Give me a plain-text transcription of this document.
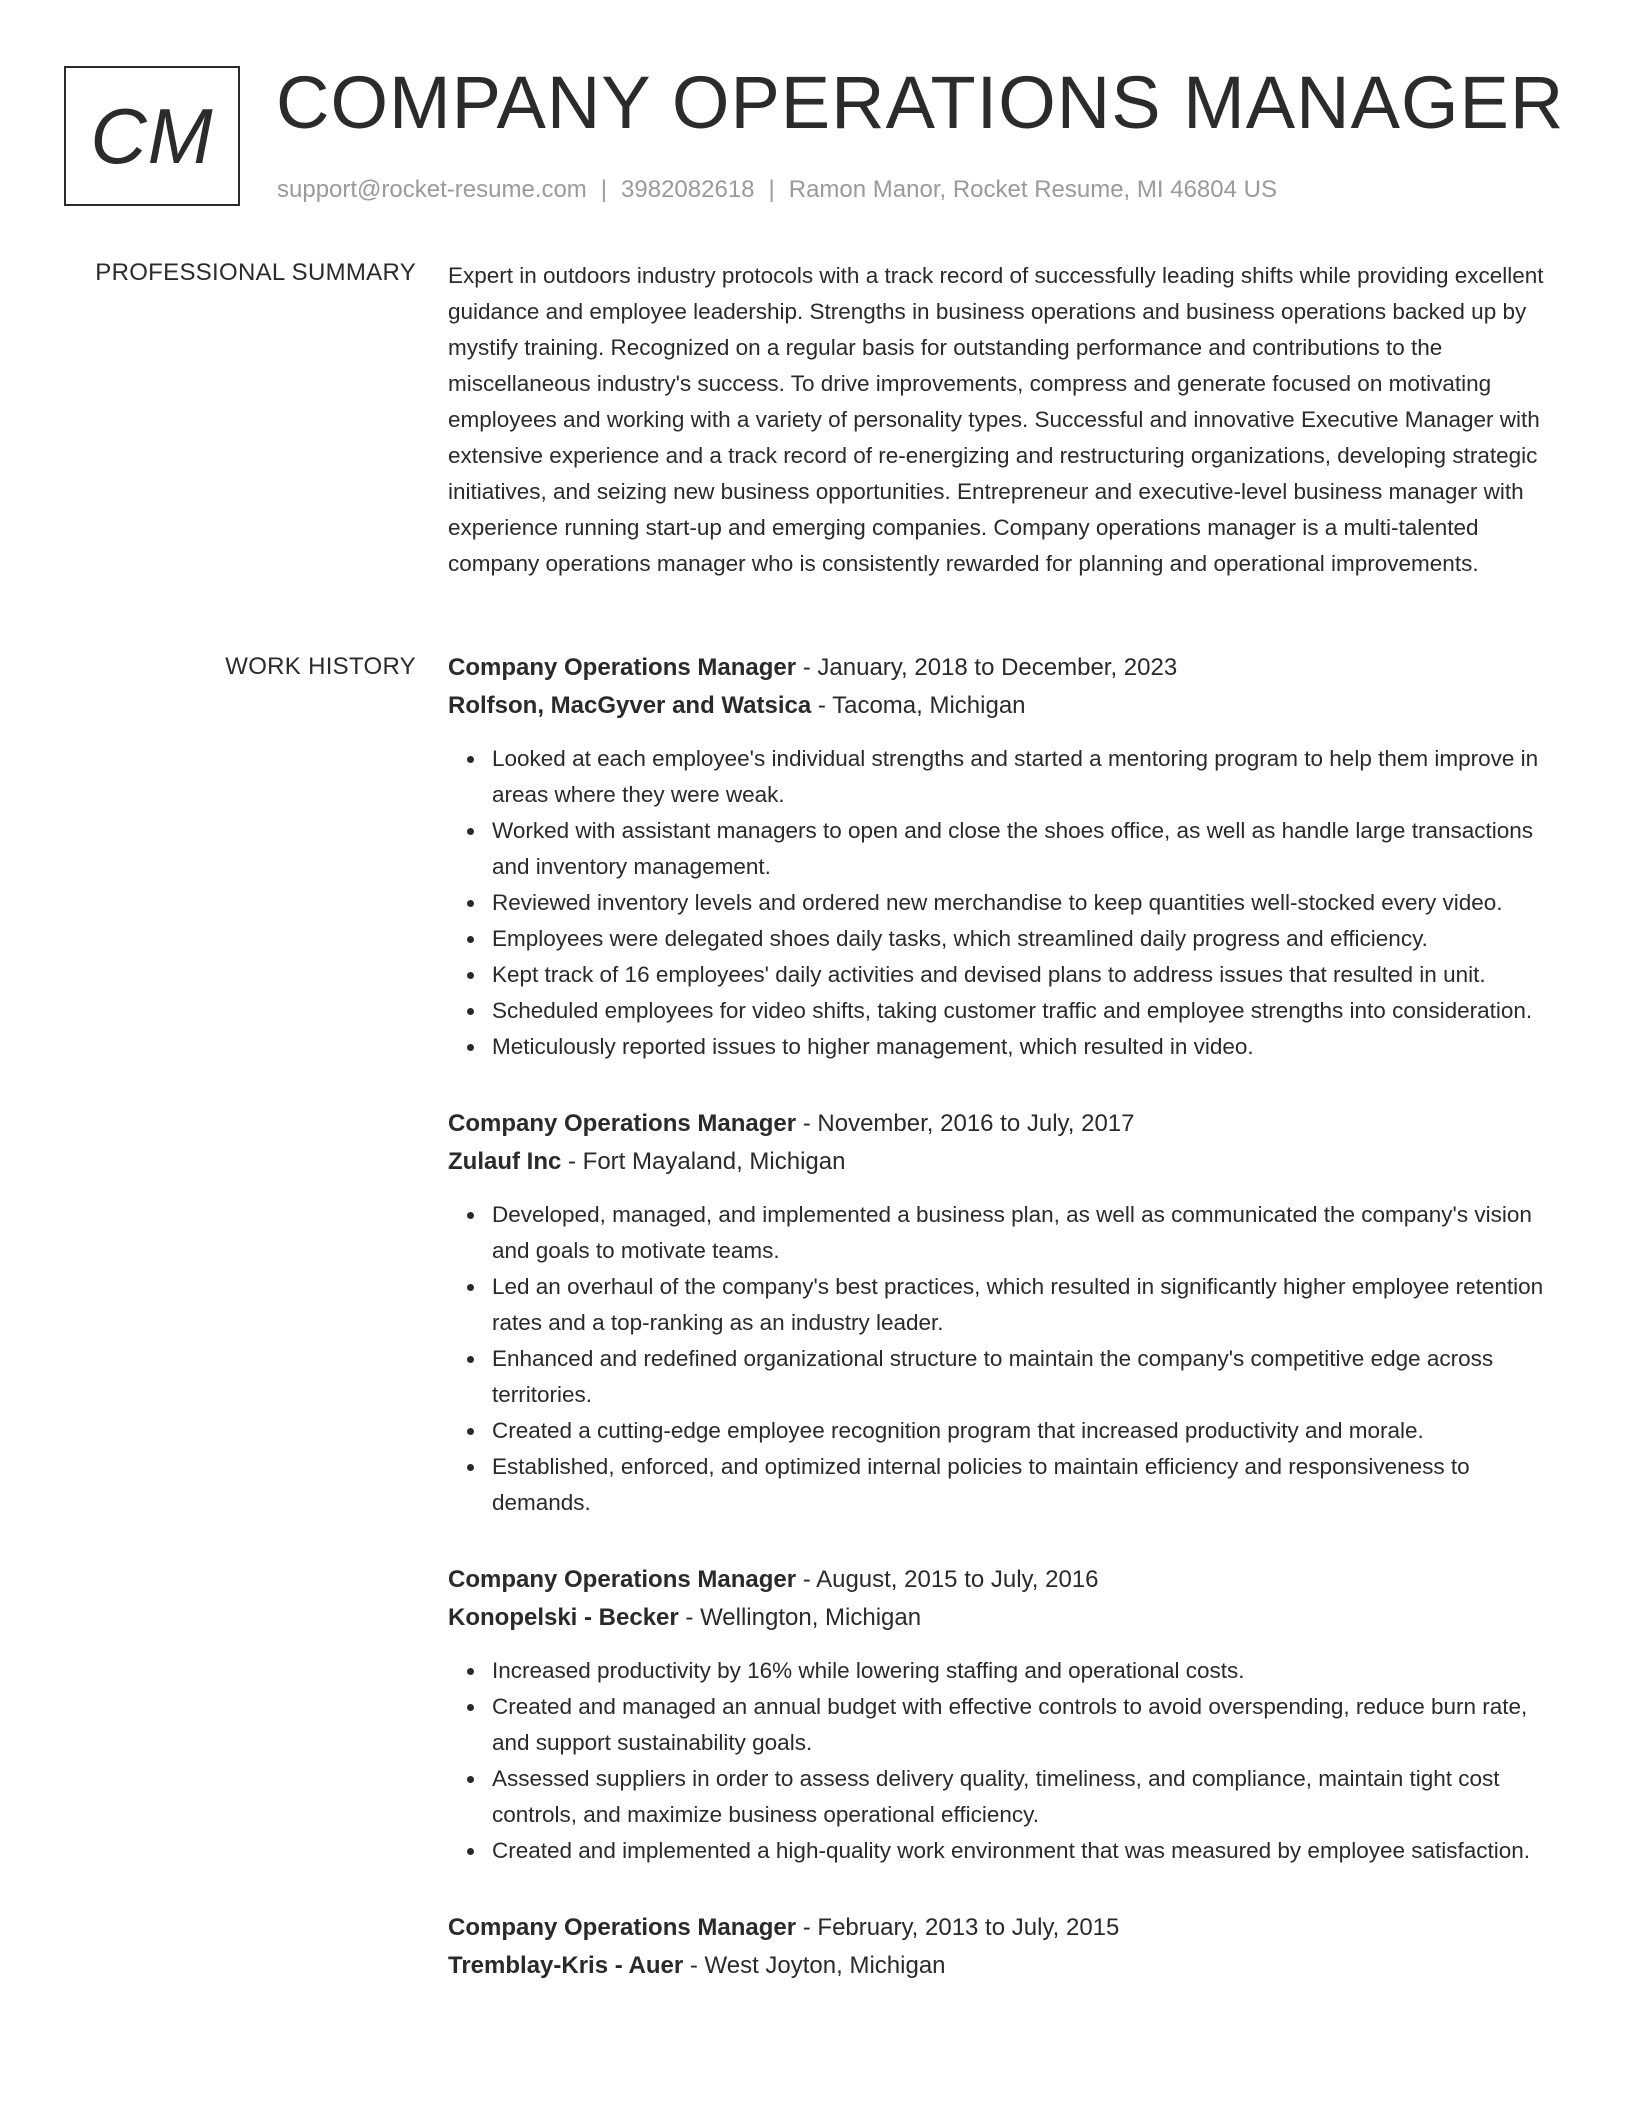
CM COMPANY OPERATIONS MANAGER
support@rocket-resume.com | 3982082618 | Ramon Manor, Rocket Resume, MI 46804 US
PROFESSIONAL SUMMARY Expert in outdoors industry protocols with a track record of successfully leading shifts while providing excellent guidance and employee leadership. Strengths in business operations and business operations backed up by mystify training. Recognized on a regular basis for outstanding performance and contributions to the miscellaneous industry's success. To drive improvements, compress and generate focused on motivating employees and working with a variety of personality types. Successful and innovative Executive Manager with extensive experience and a track record of re-energizing and restructuring organizations, developing strategic initiatives, and seizing new business opportunities. Entrepreneur and executive-level business manager with experience running start-up and emerging companies. Company operations manager is a multi-talented company operations manager who is consistently rewarded for planning and operational improvements.

WORK HISTORY Company Operations Manager - January, 2018 to December, 2023

Rolfson, MacGyver and Watsica - Tacoma, Michigan

Looked at each employee's individual strengths and started a mentoring program to help them improve in areas where they were weak.
Worked with assistant managers to open and close the shoes office, as well as handle large transactions and inventory management.
Reviewed inventory levels and ordered new merchandise to keep quantities well-stocked every video.
Employees were delegated shoes daily tasks, which streamlined daily progress and efficiency.
Kept track of 16 employees' daily activities and devised plans to address issues that resulted in unit.
Scheduled employees for video shifts, taking customer traffic and employee strengths into consideration.
Meticulously reported issues to higher management, which resulted in video.

Company Operations Manager - November, 2016 to July, 2017

Zulauf Inc - Fort Mayaland, Michigan

Developed, managed, and implemented a business plan, as well as communicated the company's vision and goals to motivate teams.
Led an overhaul of the company's best practices, which resulted in significantly higher employee retention rates and a top-ranking as an industry leader.
Enhanced and redefined organizational structure to maintain the company's competitive edge across territories.
Created a cutting-edge employee recognition program that increased productivity and morale.
Established, enforced, and optimized internal policies to maintain efficiency and responsiveness to demands.

Company Operations Manager - August, 2015 to July, 2016

Konopelski - Becker - Wellington, Michigan

Increased productivity by 16% while lowering staffing and operational costs.
Created and managed an annual budget with effective controls to avoid overspending, reduce burn rate, and support sustainability goals.
Assessed suppliers in order to assess delivery quality, timeliness, and compliance, maintain tight cost controls, and maximize business operational efficiency.
Created and implemented a high-quality work environment that was measured by employee satisfaction.

Company Operations Manager - February, 2013 to July, 2015

Tremblay-Kris - Auer - West Joyton, Michigan
